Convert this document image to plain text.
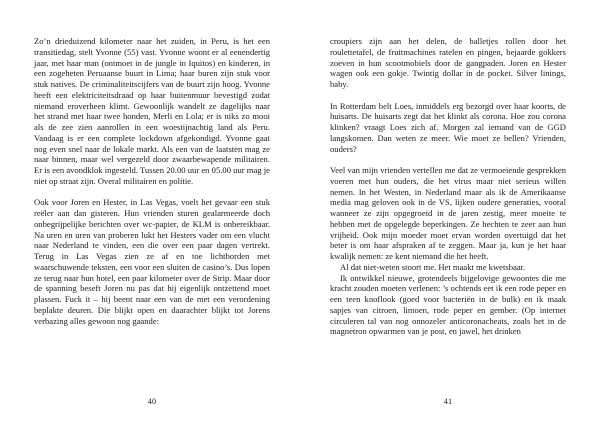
Zo’n drieduizend kilometer naar het zuiden, in Peru, is het een transitiedag, stelt Yvonne (55) vast. Yvonne woont er al eenendertig jaar, met haar man (ontmoet in de jungle in Iquitos) en kinderen, in een zogeheten Peruaanse buurt in Lima; haar buren zijn stuk voor stuk natives. De criminaliteitscijfers van de buurt zijn hoog. Yvonne heeft een elektriciteitsdraad op haar buitenmuur bevestigd zodat niemand eroverheen klimt. Gewoonlijk wandelt ze dagelijks naar het strand met haar twee honden, Merli en Lola; er is niks zo mooi als de zee zien aanrollen in een woestijnachtig land als Peru. Vandaag is er een complete lockdown afgekondigd. Yvonne gaat nog even snel naar de lokale markt. Als een van de laatsten mag ze naar binnen, maar wel vergezeld door zwaarbewapende militairen. Er is een avondklok ingesteld. Tussen 20.00 uur en 05.00 uur mag je niet op straat zijn. Overal militairen en politie.

Ook voor Joren en Hester, in Las Vegas, voelt het gevaar een stuk reëler aan dan gisteren. Hun vrienden sturen gealarmeerde doch onbegrijpelijke berichten over wc-papier, de KLM is onbereikbaar. Na uren en uren van proberen lukt het Hesters vader om een vlucht naar Nederland te vinden, een die over een paar dagen vertrekt. Terug in Las Vegas zien ze af en toe lichtborden met waarschuwende teksten, een voor een sluiten de casino’s. Dus lopen ze terug naar hun hotel, een paar kilometer over de Strip. Maar door de spanning beseft Joren nu pas dat hij eigenlijk ontzettend moet plassen. Fuck it – hij beent naar een van de met een verordening beplakte deuren. Die blijkt open en daarachter blijkt tot Jorens verbazing alles gewoon nog gaande:

40

croupiers zijn aan het delen, de balletjes rollen door het roulettetafel, de fruitmachines ratelen en pingen, bejaarde gokkers zoeven in hun scootmobiels door de gangpaden. Joren en Hester wagen ook een gokje. Twintig dollar in de pocket. Silver linings, baby.

In Rotterdam belt Loes, inmiddels erg bezorgd over haar koorts, de huisarts. De huisarts zegt dat het klinkt als corona. Hoe zou corona klinken? vraagt Loes zich af. Morgen zal iemand van de GGD langskomen. Dan weten ze meer. Wie moet ze bellen? Vrienden, ouders?

Veel van mijn vrienden vertellen me dat ze vermoeiende gesprekken voeren met hun ouders, die het virus maar niet serieus willen nemen. In het Westen, in Nederland maar als ik de Amerikaanse media mag geloven ook in de VS, lijken oudere generaties, vooral wanneer ze zijn opgegroeid in de jaren zestig, meer moeite te hebben met de opgelegde beperkingen. Ze hechten te zeer aan hun vrijheid. Ook mijn moeder moet ervan worden overtuigd dat het beter is om haar afspraken af te zeggen. Maar ja, kun je het haar kwalijk nemen: ze kent niemand die het heeft.

Al dat niet-weten stoort me. Het maakt me kwetsbaar.

Ik ontwikkel nieuwe, grotendeels bijgelovige gewoontes die me kracht zouden moeten verlenen: ’s ochtends eet ik een rode peper en een teen knoflook (goed voor bacteriën in de bulk) en ik maak sapjes van citroen, limoen, rode peper en gember. (Op internet circuleren tal van nog onnozeler anticoronacheats, zoals het in de magnetron opwarmen van je post, en jawel, het drinken

41
